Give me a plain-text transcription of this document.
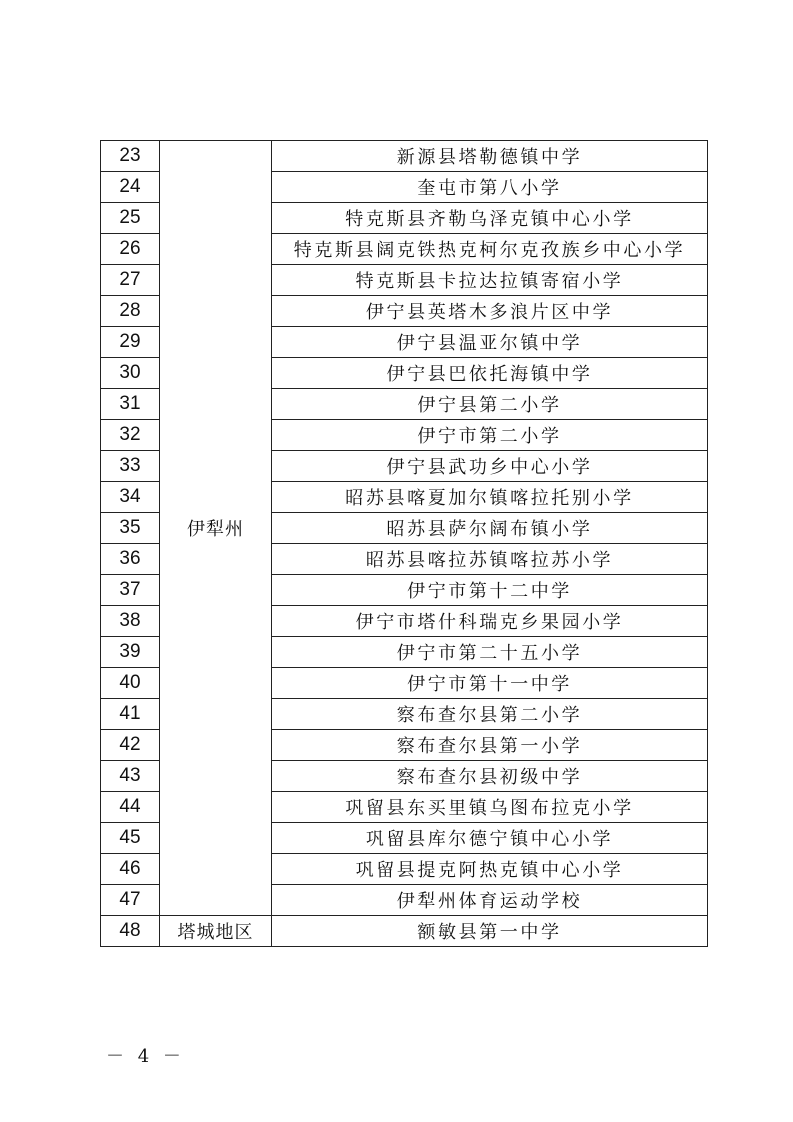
23	伊犁州	新源县塔勒德镇中学
24		奎屯市第八小学
25		特克斯县齐勒乌泽克镇中心小学
26		特克斯县阔克铁热克柯尔克孜族乡中心小学
27		特克斯县卡拉达拉镇寄宿小学
28		伊宁县英塔木多浪片区中学
29		伊宁县温亚尔镇中学
30		伊宁县巴依托海镇中学
31		伊宁县第二小学
32		伊宁市第二小学
33		伊宁县武功乡中心小学
34		昭苏县喀夏加尔镇喀拉托别小学
35		昭苏县萨尔阔布镇小学
36		昭苏县喀拉苏镇喀拉苏小学
37		伊宁市第十二中学
38		伊宁市塔什科瑞克乡果园小学
39		伊宁市第二十五小学
40		伊宁市第十一中学
41		察布查尔县第二小学
42		察布查尔县第一小学
43		察布查尔县初级中学
44		巩留县东买里镇乌图布拉克小学
45		巩留县库尔德宁镇中心小学
46		巩留县提克阿热克镇中心小学
47		伊犁州体育运动学校
48	塔城地区	额敏县第一中学
－ 4 －
